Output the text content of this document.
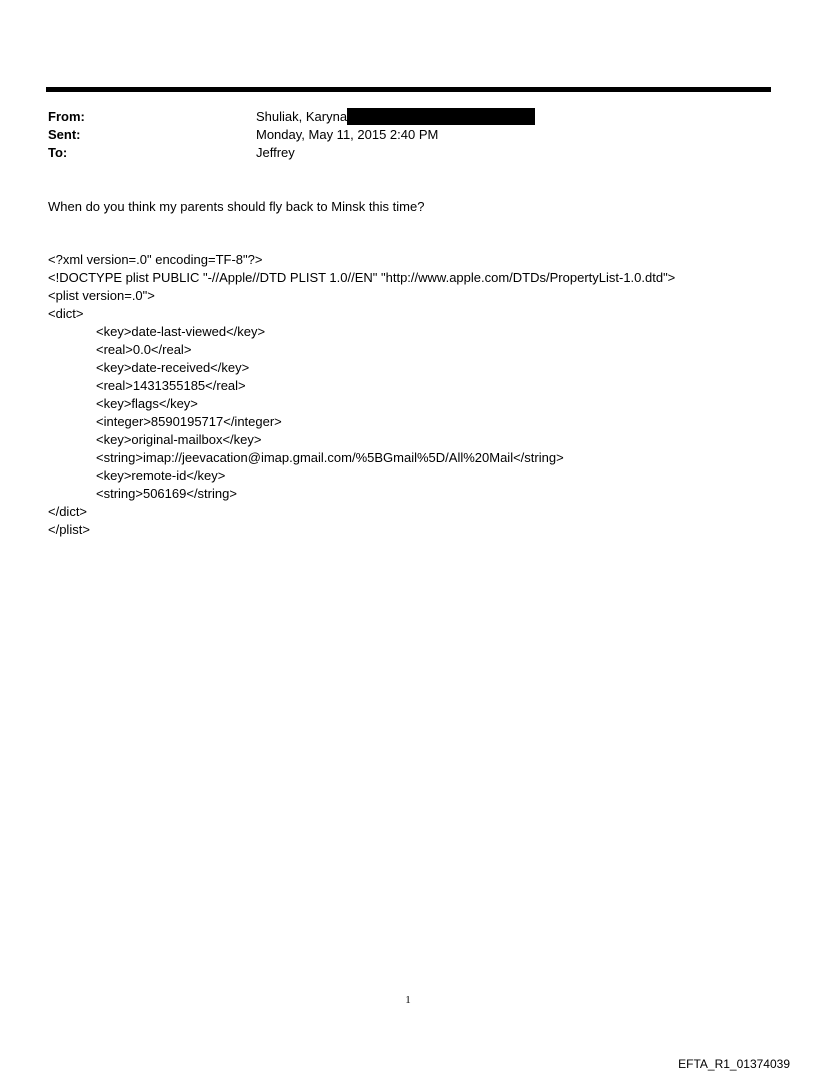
From:	Shuliak, Karyna
Sent:	Monday, May 11, 2015 2:40 PM
To:	Jeffrey
When do you think my parents should fly back to Minsk this time?
<?xml version=.0" encoding=TF-8"?>
<!DOCTYPE plist PUBLIC "-//Apple//DTD PLIST 1.0//EN" "http://www.apple.com/DTDs/PropertyList-1.0.dtd">
<plist version=.0">
<dict>
<key>date-last-viewed</key>
<real>0.0</real>
<key>date-received</key>
<real>1431355185</real>
<key>flags</key>
<integer>8590195717</integer>
<key>original-mailbox</key>
<string>imap://jeevacation@imap.gmail.com/%5BGmail%5D/All%20Mail</string>
<key>remote-id</key>
<string>506169</string>
</dict>
</plist>
1
EFTA_R1_01374039
